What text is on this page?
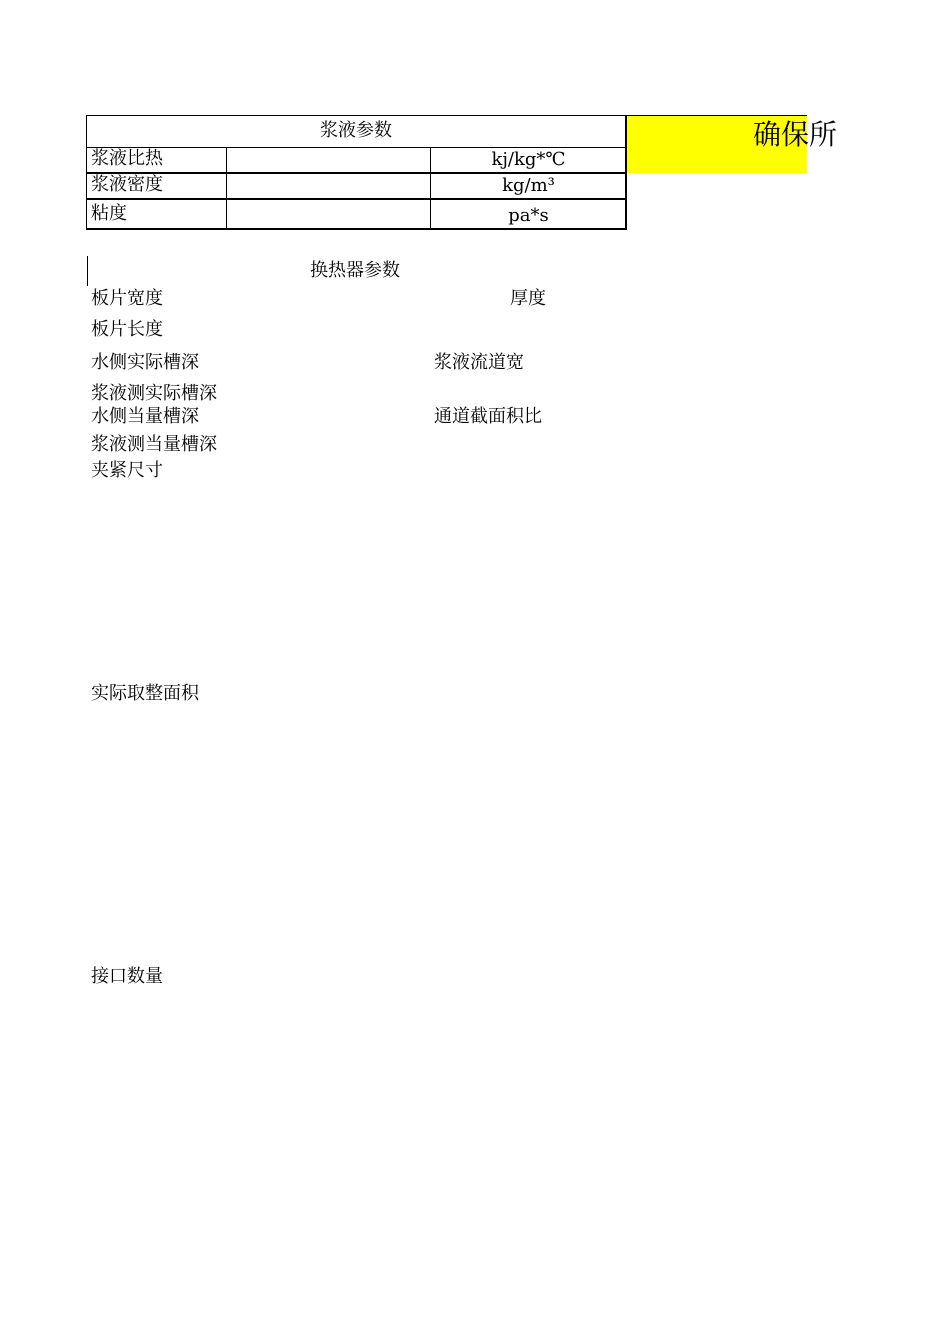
浆液参数
浆液比热	kj/kg*℃
浆液密度	kg/m³
粘度	pa*s
确保所
换热器参数
板片宽度	厚度
板片长度
水侧实际槽深	浆液流道宽
浆液测实际槽深
水侧当量槽深	通道截面积比
浆液测当量槽深
夹紧尺寸
实际取整面积
接口数量
